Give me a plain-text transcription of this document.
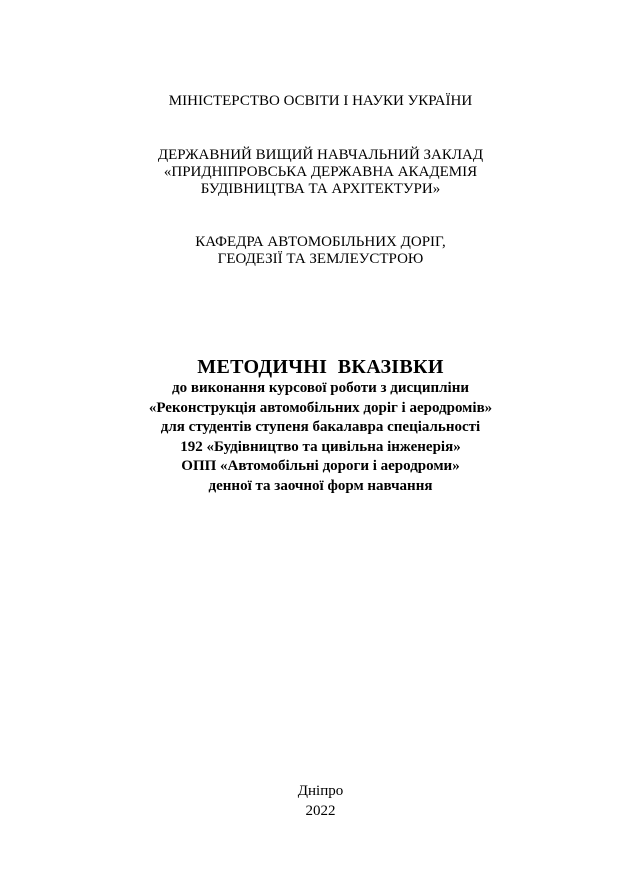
МІНІСТЕРСТВО ОСВІТИ І НАУКИ УКРАЇНИ
ДЕРЖАВНИЙ ВИЩИЙ НАВЧАЛЬНИЙ ЗАКЛАД
«ПРИДНІПРОВСЬКА ДЕРЖАВНА АКАДЕМІЯ
БУДІВНИЦТВА ТА АРХІТЕКТУРИ»
КАФЕДРА АВТОМОБІЛЬНИХ ДОРІГ,
ГЕОДЕЗІЇ ТА ЗЕМЛЕУСТРОЮ
МЕТОДИЧНІ  ВКАЗІВКИ
до виконання курсової роботи з дисципліни
«Реконструкція автомобільних доріг і аеродромів»
для студентів ступеня бакалавра спеціальності
192 «Будівництво та цивільна інженерія»
ОПП «Автомобільні дороги і аеродроми»
денної та заочної форм навчання
Дніпро
2022
